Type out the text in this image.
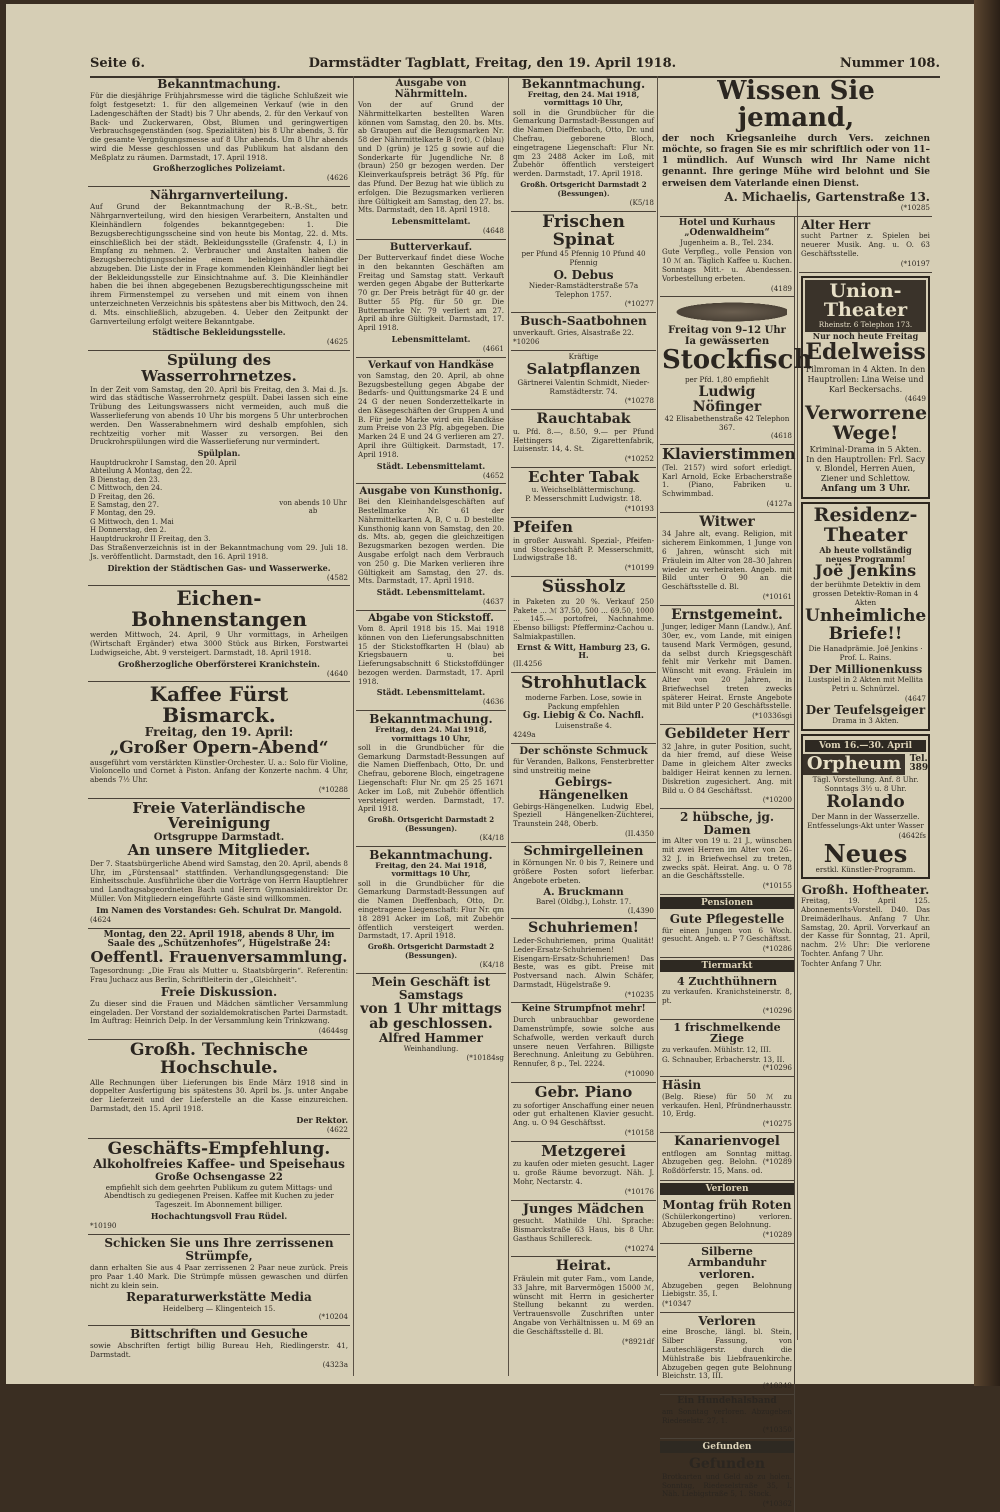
Seite 6.	Darmstädter Tagblatt, Freitag, den 19. April 1918.	Nummer 108.
Bekanntmachung.
Für die diesjährige Frühjahrsmesse wird die tägliche Schlußzeit wie folgt festgesetzt: 1. für den allgemeinen Verkauf (wie in den Ladengeschäften der Stadt) bis 7 Uhr abends, 2. für den Verkauf von Back- und Zuckerwaren, Obst, Blumen und geringwertigen Verbrauchsgegenständen (sog. Spezialitäten) bis 8 Uhr abends, 3. für die gesamte Vergnügungsmesse auf 8 Uhr abends. Um 8 Uhr abends wird die Messe geschlossen und das Publikum hat alsdann den Meßplatz zu räumen. Darmstadt, 17. April 1918.
Großherzogliches Polizeiamt.
(4626
Nährgarnverteilung.
Auf Grund der Bekanntmachung der R.-B.-St., betr. Nährgarnverteilung, wird den hiesigen Verarbeitern, Anstalten und Kleinhändlern folgendes bekanntgegeben: 1. Die Bezugsberechtigungsscheine sind von heute bis Montag, 22. d. Mts. einschließlich bei der städt. Bekleidungsstelle (Grafenstr. 4, I.) in Empfang zu nehmen. 2. Verbraucher und Anstalten haben die Bezugsberechtigungsscheine einem beliebigen Kleinhändler abzugeben. Die Liste der in Frage kommenden Kleinhändler liegt bei der Bekleidungsstelle zur Einsichtnahme auf. 3. Die Kleinhändler haben die bei ihnen abgegebenen Bezugsberechtigungsscheine mit ihrem Firmenstempel zu versehen und mit einem von ihnen unterzeichneten Verzeichnis bis spätestens aber bis Mittwoch, den 24. d. Mts. einschließlich, abzugeben. 4. Ueber den Zeitpunkt der Garnverteilung erfolgt weitere Bekanntgabe.
Städtische Bekleidungsstelle.
(4625
Spülung des Wasserrohrnetzes.
In der Zeit vom Samstag, den 20. April bis Freitag, den 3. Mai d. Js. wird das städtische Wasserrohrnetz gespült. Dabei lassen sich eine Trübung des Leitungswassers nicht vermeiden, auch muß die Wasserlieferung von abends 10 Uhr bis morgens 5 Uhr unterbrochen werden. Den Wasserabnehmern wird deshalb empfohlen, sich rechtzeitig vorher mit Wasser zu versorgen. Bei den Druckrohrspülungen wird die Wasserlieferung nur vermindert.
Spülplan.
Hauptdruckrohr I Samstag, den 20. April
Abteilung A Montag, den 22.
B Dienstag, den 23.
C Mittwoch, den 24.
D Freitag, den 26.
E Samstag, den 27.
F Montag, den 29.
G Mittwoch, den 1. Mai
H Donnerstag, den 2.
Hauptdruckrohr II Freitag, den 3.
von abends 10 Uhr ab
Das Straßenverzeichnis ist in der Bekanntmachung vom 29. Juli 18. Js. veröffentlicht. Darmstadt, den 16. April 1918.
Direktion der Städtischen Gas- und Wasserwerke.
(4582
Eichen-Bohnenstangen
werden Mittwoch, 24. April, 9 Uhr vormittags, in Arheilgen (Wirtschaft Ergänder) etwa 3000 Stück aus Birken, Forstwartei Ludwigseiche, Abt. 9 versteigert. Darmstadt, 18. April 1918.
Großherzogliche Oberförsterei Kranichstein.
(4640
Kaffee Fürst Bismarck.
Freitag, den 19. April:
„Großer Opern-Abend“
ausgeführt vom verstärkten Künstler-Orchester. U. a.: Solo für Violine, Violoncello und Cornet à Piston. Anfang der Konzerte nachm. 4 Uhr, abends 7½ Uhr.
(*10288
Freie Vaterländische Vereinigung
Ortsgruppe Darmstadt.
An unsere Mitglieder.
Der 7. Staatsbürgerliche Abend wird Samstag, den 20. April, abends 8 Uhr, im „Fürstensaal“ stattfinden. Verhandlungsgegenstand: Die Einheitsschule. Ausführliche über die Vorträge von Herrn Hauptlehrer und Landtagsabgeordneten Bach und Herrn Gymnasialdirektor Dr. Müller. Von Mitgliedern eingeführte Gäste sind willkommen.
Im Namen des Vorstandes: Geh. Schulrat Dr. Mangold.
(4624
Montag, den 22. April 1918, abends 8 Uhr, im Saale des „Schützenhofes“, Hügelstraße 24:
Oeffentl. Frauenversammlung.
Tagesordnung: „Die Frau als Mutter u. Staatsbürgerin“. Referentin: Frau Juchacz aus Berlin, Schriftleiterin der „Gleichheit“.
Freie Diskussion.
Zu dieser sind die Frauen und Mädchen sämtlicher Versammlung eingeladen. Der Vorstand der sozialdemokratischen Partei Darmstadt. Im Auftrag: Heinrich Delp. In der Versammlung kein Trinkzwang.
(4644sg
Großh. Technische Hochschule.
Alle Rechnungen über Lieferungen bis Ende März 1918 sind in doppelter Ausfertigung bis spätestens 30. April bs. Js. unter Angabe der Lieferzeit und der Lieferstelle an die Kasse einzureichen. Darmstadt, den 15. April 1918.
Der Rektor.
(4622
Geschäfts-Empfehlung.
Alkoholfreies Kaffee- und Speisehaus
Große Ochsengasse 22
empfiehlt sich dem geehrten Publikum zu gutem Mittags- und Abendtisch zu gediegenen Preisen. Kaffee mit Kuchen zu jeder Tageszeit. Im Abonnement billiger.
Hochachtungsvoll Frau Rüdel.
*10190
Schicken Sie uns Ihre zerrissenen Strümpfe,
dann erhalten Sie aus 4 Paar zerrissenen 2 Paar neue zurück. Preis pro Paar 1.40 Mark. Die Strümpfe müssen gewaschen und dürfen nicht zu klein sein.
Reparaturwerkstätte Media
Heidelberg — Klingenteich 15.
(*10204
Bittschriften und Gesuche
sowie Abschriften fertigt billig Bureau Heh, Riedlingerstr. 41, Darmstadt.
(4323a
Ausgabe von Nährmitteln.
Von der auf Grund der Nährmittelkarten bestellten Waren können vom Samstag, den 20. bs. Mts. ab Graupen auf die Bezugsmarken Nr. 58 der Nährmittelkarte B (rot), C (blau) und D (grün) je 125 g sowie auf die Sonderkarte für Jugendliche Nr. 8 (braun) 250 gr bezogen werden. Der Kleinverkaufspreis beträgt 36 Pfg. für das Pfund. Der Bezug hat wie üblich zu erfolgen. Die Bezugsmarken verlieren ihre Gültigkeit am Samstag, den 27. bs. Mts. Darmstadt, den 18. April 1918.
Lebensmittelamt.
(4648
Butterverkauf.
Der Butterverkauf findet diese Woche in den bekannten Geschäften am Freitag und Samstag statt. Verkauft werden gegen Abgabe der Butterkarte 70 gr. Der Preis beträgt für 40 gr. der Butter 55 Pfg. für 50 gr. Die Buttermarke Nr. 79 verliert am 27. April ab ihre Gültigkeit. Darmstadt, 17. April 1918.
Lebensmittelamt.
(4661
Verkauf von Handkäse
von Samstag, den 20. April, ab ohne Bezugsbestellung gegen Abgabe der Bedarfs- und Quittungsmarke 24 E und 24 G der neuen Sonderzettelkarte in den Käsegeschäften der Gruppen A und B. Für jede Marke wird ein Handkäse zum Preise von 23 Pfg. abgegeben. Die Marken 24 E und 24 G verlieren am 27. April ihre Gültigkeit. Darmstadt, 17. April 1918.
Städt. Lebensmittelamt.
(4652
Ausgabe von Kunsthonig.
Bei den Kleinhandelsgeschäften auf Bestellmarke Nr. 61 der Nährmittelkarten A, B, C u. D bestellte Kunsthonig kann von Samstag, den 20. ds. Mts. ab, gegen die gleichzeitigen Bezugsmarken bezogen werden. Die Ausgabe erfolgt nach dem Verbrauch von 250 g. Die Marken verlieren ihre Gültigkeit am Samstag, den 27. ds. Mts. Darmstadt, 17. April 1918.
Städt. Lebensmittelamt.
(4637
Abgabe von Stickstoff.
Vom 8. April 1918 bis 15. Mai 1918 können von den Lieferungsabschnitten 15 der Stickstoffkarten H (blau) ab Kriegsbauern u. bei Lieferungsabschnitt 6 Stickstoffdünger bezogen werden. Darmstadt, 17. April 1918.
Städt. Lebensmittelamt.
(4636
Bekanntmachung.
Freitag, den 24. Mai 1918, vormittags 10 Uhr,
soll in die Grundbücher für die Gemarkung Darmstadt-Bessungen auf die Namen Dieffenbach, Otto, Dr. und Chefrau, geborene Bloch, eingetragene Liegenschaft: Flur Nr. qm 25 25 1671 Acker im Loß, mit Zubehör öffentlich versteigert werden. Darmstadt, 17. April 1918.
Großh. Ortsgericht Darmstadt 2 (Bessungen).
(K4/18
Bekanntmachung.
Freitag, den 24. Mai 1918, vormittags 10 Uhr,
soll in die Grundbücher für die Gemarkung Darmstadt-Bessungen auf die Namen Dieffenbach, Otto, Dr. eingetragene Liegenschaft: Flur Nr. qm 18 2891 Acker im Loß, mit Zubehör öffentlich versteigert werden. Darmstadt, 17. April 1918.
Großh. Ortsgericht Darmstadt 2 (Bessungen).
(K4/18
Mein Geschäft ist Samstags
von 1 Uhr mittags ab geschlossen.
Alfred Hammer
Weinhandlung.
(*10184sg
Bekanntmachung.
Freitag, den 24. Mai 1918, vormittags 10 Uhr,
soll in die Grundbücher für die Gemarkung Darmstadt-Bessungen auf die Namen Dieffenbach, Otto, Dr. und Chefrau, geborene Bloch, eingetragene Liegenschaft: Flur Nr. qm 23 2488 Acker im Loß, mit Zubehör öffentlich versteigert werden. Darmstadt, 17. April 1918.
Großh. Ortsgericht Darmstadt 2 (Bessungen).
(K5/18
Frischen Spinat
per Pfund 45 Pfennig 10 Pfund 40 Pfennig
O. Debus
Nieder-Ramstädterstraße 57a Telephon 1757.
(*10277
Busch-Saatbohnen
unverkauft. Gries, Alsastraße 22.
*10206
Kräftige
Salatpflanzen
Gärtnerei Valentin Schmidt, Nieder-Ramstädterstr. 74.
(*10278
Rauchtabak
u. Pfd. 8.—, 8.50, 9.— per Pfund Hettingers Zigarettenfabrik, Luisenstr. 14, 4. St.
(*10252
Echter Tabak
u. Weichselblättermischung.
P. Messerschmitt Ludwigstr. 18.
(*10193
Pfeifen
in großer Auswahl. Spezial-, Pfeifen- und Stockgeschäft P. Messerschmitt, Ludwigstraße 18.
(*10199
Süssholz
in Paketen zu 20 %. Verkauf 250 Pakete ... ℳ 37.50, 500 ... 69.50, 1000 ... 145.— portofrei, Nachnahme. Ebenso billigst: Pfefferminz-Cachou u. Salmiakpastillen.
Ernst & Witt, Hamburg 23, G. H.
(II.4256
Strohhutlack
moderne Farben. Lose, sowie in Packung empfehlen
Gg. Liebig & Co. Nachfl.
Luisenstraße 4.
4249a
Der schönste Schmuck
für Veranden, Balkons, Fensterbretter sind unstreitig meine
Gebirgs-Hängenelken
Gebirgs-Hängenelken. Ludwig Ebel, Speziell Hängenelken-Züchterei, Traunstein 248, Oberb.
(II.4350
Schmirgelleinen
in Körnungen Nr. 0 bis 7, Reinere und größere Posten sofort lieferbar. Angebote erbeten.
A. Bruckmann
Barel (Oldbg.), Lohstr. 17.
(I,4390
Schuhriemen!
Leder-Schuhriemen, prima Qualität! Leder-Ersatz-Schuhriemen! Eisengarn-Ersatz-Schuhriemen! Das Beste, was es gibt. Preise mit Postversand nach. Alwin Schäfer, Darmstadt, Hügelstraße 9.
(*10235
Keine Strumpfnot mehr!
Durch unbrauchbar gewordene Damenstrümpfe, sowie solche aus Schafwolle, werden verkauft durch unsere neuen Verfahren. Billigste Berechnung. Anleitung zu Gebühren. Rennufer, 8 p., Tel. 2224.
(*10090
Gebr. Piano
zu sofortiger Anschaffung einer neuen oder gut erhaltenen Klavier gesucht. Ang. u. O 94 Geschäftsst.
(*10158
Metzgerei
zu kaufen oder mieten gesucht. Lager u. große Räume bevorzugt. Näh. J. Mohr, Nectarstr. 4.
(*10176
Junges Mädchen
gesucht. Mathilde Uhl. Sprache: Bismarckstraße 63 Haus, bis 8 Uhr. Gasthaus Schillereck.
(*10274
Heirat.
Fräulein mit guter Fam., vom Lande, 33 Jahre, mit Barvermögen 15000 ℳ, wünscht mit Herrn in gesicherter Stellung bekannt zu werden. Vertrauensvolle Zuschriften unter Angabe von Verhältnissen u. M 69 an die Geschäftsstelle d. Bl.
(*8921df
Wissen Sie jemand,
der noch Kriegsanleihe durch Vers. zeichnen möchte, so fragen Sie es mir schriftlich oder von 11–1 mündlich. Auf Wunsch wird Ihr Name nicht genannt. Ihre geringe Mühe wird belohnt und Sie erweisen dem Vaterlande einen Dienst.
A. Michaelis, Gartenstraße 13.
(*10285
Hotel und Kurhaus „Odenwaldheim“
Jugenheim a. B., Tel. 234.
Gute Verpfleg., volle Pension von 10 ℳ an. Täglich Kaffee u. Kuchen. Sonntags Mitt.- u. Abendessen. Vorbestellung erbeten.
(4189
Freitag von 9–12 Uhr
Ia gewässerten
Stockfisch
per Pfd. 1,80 empfiehlt
Ludwig Nöfinger
42 Elisabethenstraße 42 Telephon 367.
(4618
Klavierstimmen
(Tel. 2157) wird sofort erledigt. Karl Arnold, Ecke Erbacherstraße 1. (Piano, Fabriken u. Schwimmbad.
(4127a
Witwer
34 Jahre alt, evang. Religion, mit sicherem Einkommen, 1 Junge von 6 Jahren, wünscht sich mit Fräulein im Alter von 28–30 Jahren wieder zu verheiraten. Angeb. mit Bild unter O 90 an die Geschäftsstelle d. Bl.
(*10161
Ernstgemeint.
Junger, lediger Mann (Landw.), Anf. 30er, ev., vom Lande, mit einigen tausend Mark Vermögen, gesund, da selbst durch Kriegsgeschäft fehlt mir Verkehr mit Damen. Wünscht mit evang. Fräulein im Alter von 20 Jahren, in Briefwechsel treten zwecks späterer Heirat. Ernste Angebote mit Bild unter P 20 Geschäftsstelle.
(*10336sgi
Gebildeter Herr
32 Jahre, in guter Position, sucht, da hier fremd, auf diese Weise Dame in gleichem Alter zwecks baldiger Heirat kennen zu lernen. Diskretion zugesichert. Ang. mit Bild u. O 84 Geschäftsst.
(*10200
2 hübsche, jg. Damen
im Alter von 19 u. 21 J., wünschen mit zwei Herren im Alter von 26–32 J. in Briefwechsel zu treten, zwecks spät. Heirat. Ang. u. O 78 an die Geschäftsstelle.
(*10155
Pensionen
Gute Pflegestelle
für einen Jungen von 6 Woch. gesucht. Angeb. u. P 7 Geschäftsst.
(*10286
Tiermarkt
4 Zuchthühnern
zu verkaufen. Kranichsteinerstr. 8, pt.
(*10296
1 frischmelkende Ziege
zu verkaufen. Mühlstr. 12, III.
G. Schnauber, Erbacherstr. 13, II.
(*10296
Häsin
(Belg. Riese) für 50 ℳ zu verkaufen. Henl, Pfründnerhausstr. 10, Erdg.
(*10275
Kanarienvogel
entflogen am Sonntag mittag. Abzugeben geg. Belohn. (*10289 Roßdörferstr. 15, Mans. od.
Verloren
Montag früh Roten
(Schülerkongertino) verloren. Abzugeben gegen Belohnung.
(*10289
Silberne Armbanduhr
verloren.
Abzugeben gegen Belohnung Liebigstr. 35, I.
(*10347
Verloren
eine Brosche, längl. bl. Stein, Silber Fassung, von Lauteschlägerstr. durch die Mühlstraße bis Liebfrauenkirche. Abzugeben gegen gute Belohnung Bleichstr. 13, III.
(*10349
Ein Hundehalsband
am Sonntag verloren. Abzugeben Riedeselstr. 27, 1.
(*10350
Gefunden
Gefunden
Brotkarten und Geld ab zu holen. Sonntag, Riedeselstraße 35, I. Näh. Liebigstraße 5, 1. Stock.
(*10362
Alter Herr
sucht Partner z. Spielen bei neuerer Musik. Ang. u. O. 63 Geschäftsstelle.
(*10197
Union-Theater
Rheinstr. 6 Telephon 173.
Nur noch heute Freitag
Edelweiss
Filmroman in 4 Akten. In den Hauptrollen: Lina Weise und Karl Beckersachs.
(4649
Verworrene Wege!
Kriminal-Drama in 5 Akten. In den Hauptrollen: Frl. Sacy v. Blondel, Herren Auen, Ziener und Schlettow.
Anfang um 3 Uhr.
Residenz-Theater
Ab heute vollständig neues Programm!
Joë Jenkins
der berühmte Detektiv in dem grossen Detektiv-Roman in 4 Akten
Unheimliche Briefe!!
Die Hanadprämie. Joë Jenkins · Prof. L. Rains.
Der Millionenkuss
Lustspiel in 2 Akten mit Mellita Petri u. Schnürzel.
(4647
Der Teufelsgeiger
Drama in 3 Akten.
Vom 16.—30. April
Orpheum Tel. 389
Tägl. Vorstellung. Anf. 8 Uhr. Sonntags 3½ u. 8 Uhr.
Rolando
Der Mann in der Wasserzelle. Entfesselungs-Akt unter Wasser
(4642fs
Neues
erstkl. Künstler-Programm.
Großh. Hoftheater.
Freitag, 19. April 125. Abonnements-Vorstell. D40. Das Dreimäderlhaus. Anfang 7 Uhr. Samstag, 20. April. Vorverkauf an der Kasse für Sonntag, 21. April, nachm. 2½ Uhr: Die verlorene Tochter. Anfang 7 Uhr.
Tochter Anfang 7 Uhr.
